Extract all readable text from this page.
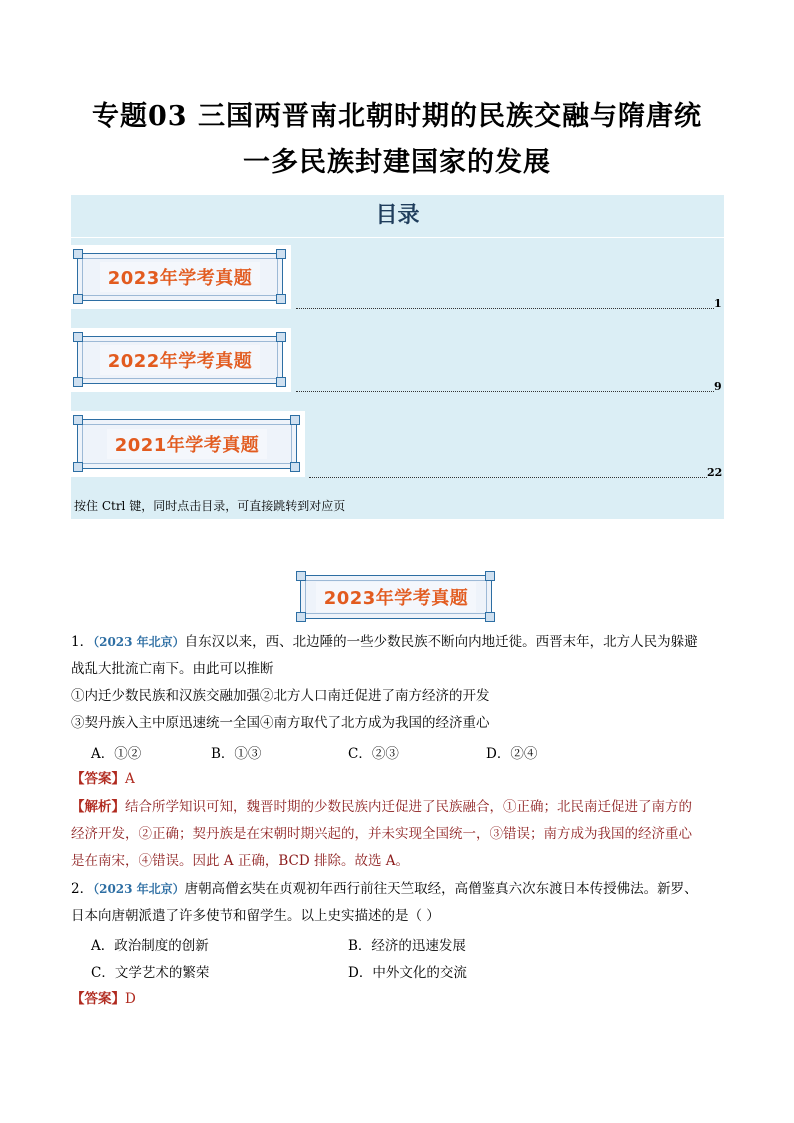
专题03 三国两晋南北朝时期的民族交融与隋唐统
一多民族封建国家的发展
目录
2023年学考真题
1
2022年学考真题
9
2021年学考真题
22
按住 Ctrl 键，同时点击目录，可直接跳转到对应页
2023年学考真题
1．（2023 年北京）自东汉以来，西、北边陲的一些少数民族不断向内地迁徙。西晋末年，北方人民为躲避
战乱大批流亡南下。由此可以推断
①内迁少数民族和汉族交融加强②北方人口南迁促进了南方经济的开发
③契丹族入主中原迅速统一全国④南方取代了北方成为我国的经济重心
A．①②	B．①③	C．②③	D．②④
【答案】A
【解析】结合所学知识可知，魏晋时期的少数民族内迁促进了民族融合，①正确；北民南迁促进了南方的
经济开发，②正确；契丹族是在宋朝时期兴起的，并未实现全国统一，③错误；南方成为我国的经济重心
是在南宋，④错误。因此 A 正确，BCD 排除。故选 A。
2．（2023 年北京）唐朝高僧玄奘在贞观初年西行前往天竺取经，高僧鉴真六次东渡日本传授佛法。新罗、
日本向唐朝派遣了许多使节和留学生。以上史实描述的是（ ）
A．政治制度的创新	B．经济的迅速发展
C．文学艺术的繁荣	D．中外文化的交流
【答案】D
